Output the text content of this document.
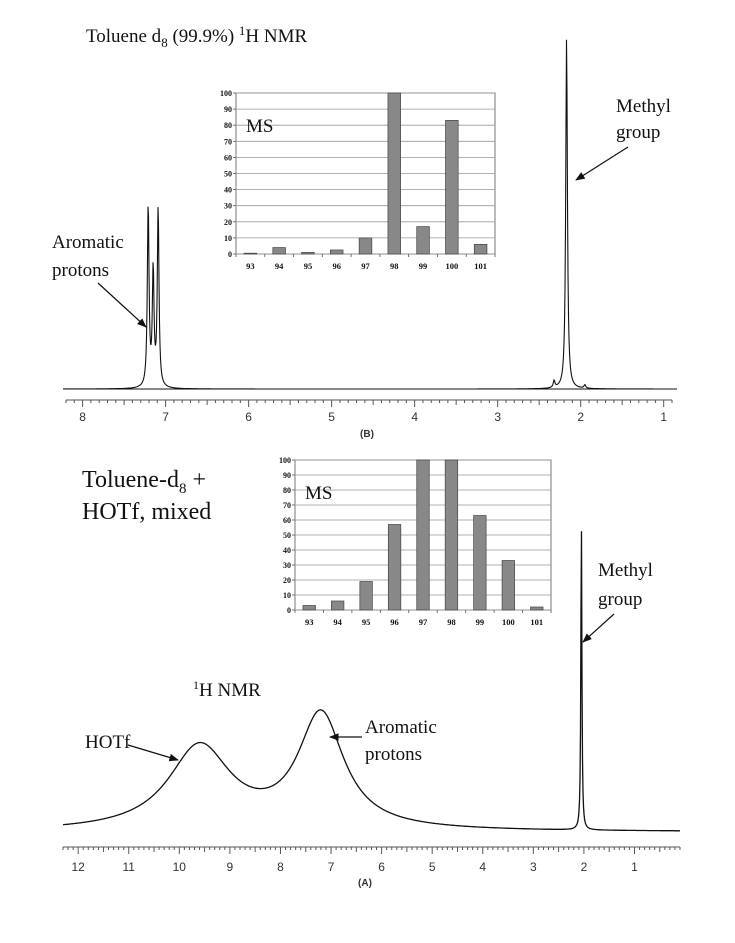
Toluene $d_8$ (99.9%) $^1$H NMR
8	7	6	5	4	3	2	1
(B)
Aromatic
protons
Methyl
group
0
10
20
30
40
50
60
70
80
90
100
93 94 95 96 97 98 99 100 101
MS
Toluene-$d_8$ +
HOTf, mixed
$^1$H NMR
12	11	10	9	8	7	6	5	4	3	2	1
(A)
HOTf
Aromatic
protons
Methyl
group
0
10
20
30
40
50
60
70
80
90
100
93 94 95 96 97 98 99 100 101
MS
